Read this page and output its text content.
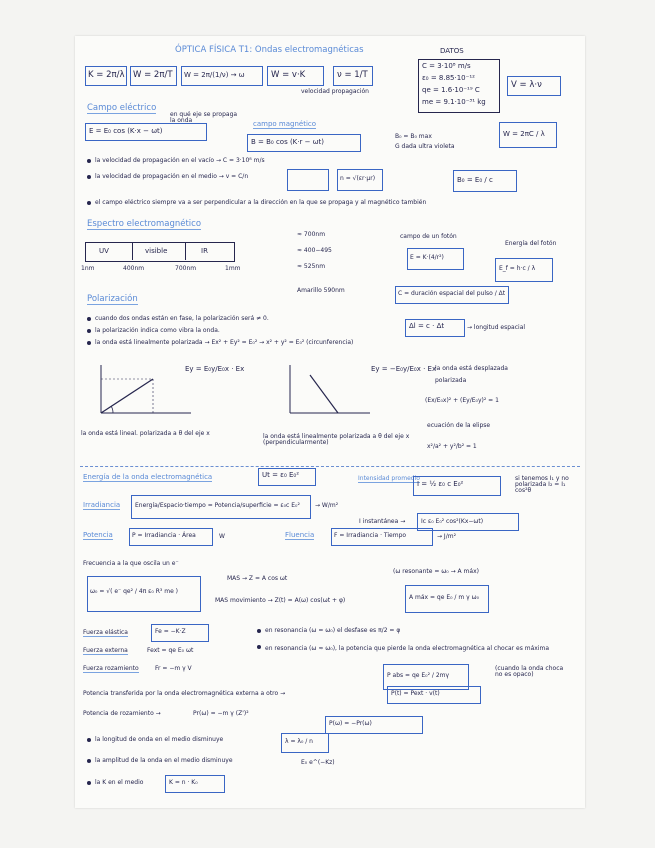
ÓPTICA FÍSICA T1: Ondas electromagnéticas	DATOS
K = 2π/λ W = 2π/T W = 2π/(1/ν) → ω	W = v·K	ν = 1/T
velocidad propagación
C = 3·10⁸ m/s
ε₀ = 8.85·10⁻¹²
qe = 1.6·10⁻¹⁹ C
me = 9.1·10⁻³¹ kg
V = λ·ν
Campo eléctrico
en qué eje se propaga la onda
E = E₀ cos (K·x − ωt)
campo magnético
B = B₀ cos (K·r − ωt)
B₀ = B₀ max
G dada ultra violeta
W = 2πC / λ
la velocidad de propagación en el vacío → C = 3·10⁸ m/s
la velocidad de propagación en el medio → v = C/n	n = √(εr·μr)	B₀ = E₀ / c
el campo eléctrico siempre va a ser perpendicular a la dirección en la que se propaga y al magnético también
Espectro electromagnético
UV	visible	IR
1nm	400nm	700nm	1mm
≈ 700nm
≈ 400−495
≈ 525nm
Amarillo 590nm
campo de un fotón
E = K·(4/r²)
Energía del fotón
E_f = h·c / λ
C = duración espacial del pulso / Δt
Δl = c · Δt	→ longitud espacial
Polarización
cuando dos ondas están en fase, la polarización será ≠ 0.
la polarización indica como vibra la onda.
la onda está linealmente polarizada → Ex² + Ey² = E₀² → x² + y² = E₀² (circunferencia)
Ey = E₀y/E₀x · Ex
la onda está lineal. polarizada a θ del eje x
Ey = −E₀y/E₀x · Ex
la onda está linealmente polarizada a θ del eje x (perpendicularmente)
la onda está desplazada
polarizada
(Ex/E₀x)² + (Ey/E₀y)² = 1
ecuación de la elipse
x²/a² + y²/b² = 1
Energía de la onda electromagnética	Ut = ε₀ E₀²	Intensidad promedio
I = ½ ε₀ c E₀²
si tenemos I₁ y no polarizada I₂ = I₁ cos²θ
Irradiancia Energía/Espacio·tiempo = Potencia/superficie = ε₀c E₀²	→ W/m²
I instantánea →	Ic ε₀ E₀² cos²(Kx−ωt)
Potencia	P = Irradiancia · Área	W	Fluencia	F = Irradiancia · Tiempo	→ J/m²
Frecuencia a la que oscila un e⁻
ω₀ = √( e⁻ qe² / 4π ε₀ R³ me )
MAS → Z = A cos ωt
MAS movimiento → Z(t) = A(ω) cos(ωt + φ)
(ω resonante = ω₀ → A máx)
A máx = qe E₀ / m γ ω₀
Fuerza elástica	Fe = −K·Z
Fuerza externa	Fext = qe E₀ ωt
Fuerza rozamiento	Fr = −m γ V
en resonancia (ω = ω₀) el desfase es π/2 = φ
en resonancia (ω ≈ ω₀), la potencia que pierde la onda electromagnética al chocar es máxima
P abs = qe E₀² / 2mγ
(cuando la onda choca no es opaco)
Potencia transferida por la onda electromagnética externa a otro →	P(t) = Pext · v(t)
Potencia de rozamiento →	Pr(ω) = −m γ (Z')²
P(ω) = −Pr(ω)
la longitud de onda en el medio disminuye	λ = λ₀ / n
la amplitud de la onda en el medio disminuye	E₀ e^(−Kz)
la K en el medio	K = n · K₀
